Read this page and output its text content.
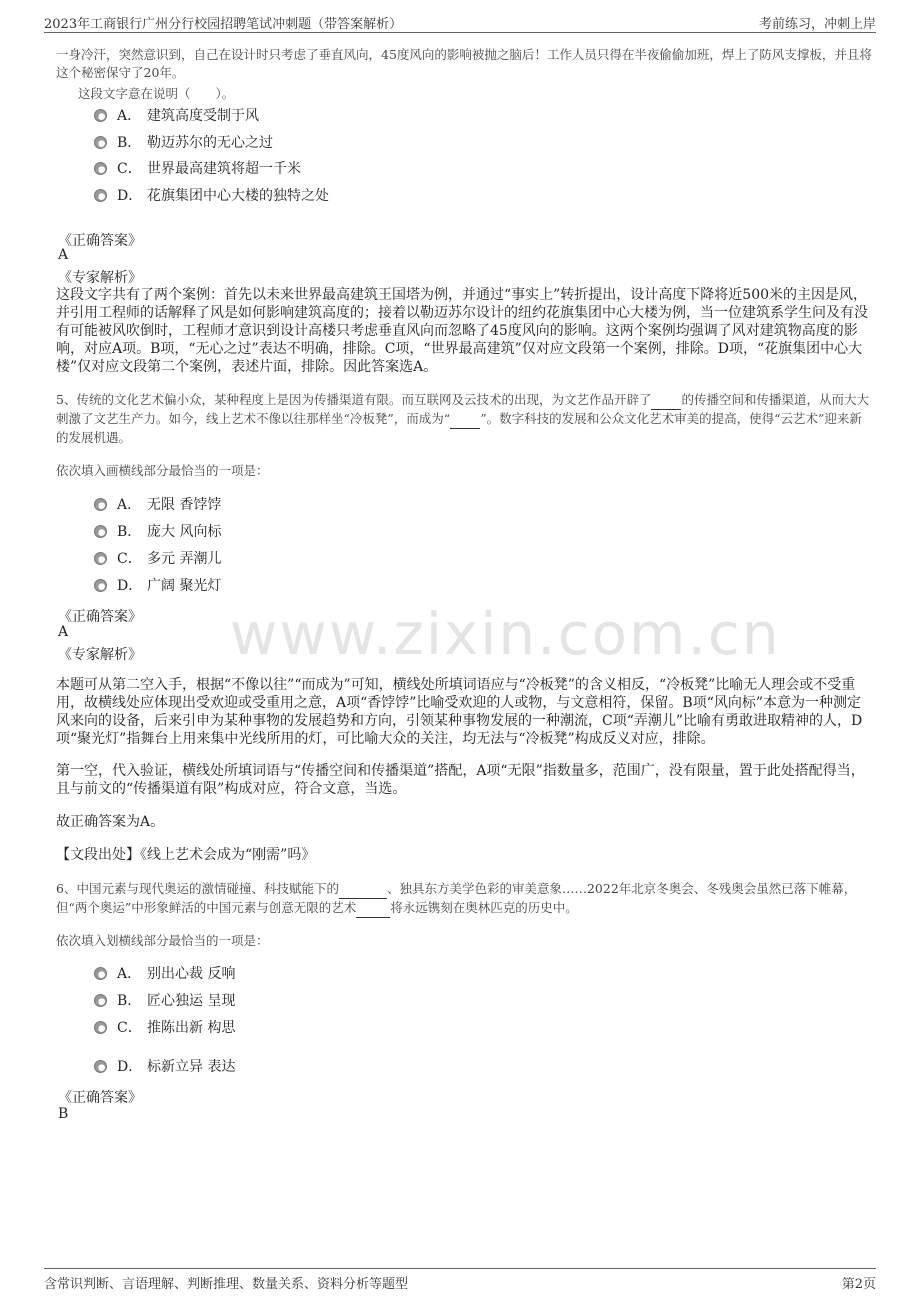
2023年工商银行广州分行校园招聘笔试冲刺题（带答案解析）	考前练习，冲刺上岸
www.zixin.com.cn
一身冷汗，突然意识到，自己在设计时只考虑了垂直风向，45度风向的影响被抛之脑后！工作人员只得在半夜偷偷加班，焊上了防风支撑板，并且将这个秘密保守了20年。
这段文字意在说明（　　）。
A． 建筑高度受制于风
B． 勒迈苏尔的无心之过
C． 世界最高建筑将超一千米
D． 花旗集团中心大楼的独特之处
《正确答案》
A
《专家解析》
这段文字共有了两个案例：首先以未来世界最高建筑王国塔为例，并通过“事实上”转折提出，设计高度下降将近500米的主因是风，并引用工程师的话解释了风是如何影响建筑高度的；接着以勒迈苏尔设计的纽约花旗集团中心大楼为例，当一位建筑系学生问及有没有可能被风吹倒时，工程师才意识到设计高楼只考虑垂直风向而忽略了45度风向的影响。这两个案例均强调了风对建筑物高度的影响，对应A项。B项，“无心之过”表达不明确，排除。C项，“世界最高建筑”仅对应文段第一个案例，排除。D项，“花旗集团中心大楼”仅对应文段第二个案例，表述片面，排除。因此答案选A。
5、传统的文化艺术偏小众，某种程度上是因为传播渠道有限。而互联网及云技术的出现，为文艺作品开辟了 的传播空间和传播渠道，从而大大刺激了文艺生产力。如今，线上艺术不像以往那样坐“冷板凳”，而成为“ ”。数字科技的发展和公众文化艺术审美的提高，使得“云艺术”迎来新的发展机遇。
依次填入画横线部分最恰当的一项是：
A． 无限 香饽饽
B． 庞大 风向标
C． 多元 弄潮儿
D． 广阔 聚光灯
《正确答案》
A
《专家解析》
本题可从第二空入手，根据“不像以往”“而成为”可知，横线处所填词语应与“冷板凳”的含义相反，“冷板凳”比喻无人理会或不受重用，故横线处应体现出受欢迎或受重用之意，A项“香饽饽”比喻受欢迎的人或物，与文意相符，保留。B项“风向标”本意为一种测定风来向的设备，后来引申为某种事物的发展趋势和方向，引领某种事物发展的一种潮流，C项“弄潮儿”比喻有勇敢进取精神的人，D项“聚光灯”指舞台上用来集中光线所用的灯，可比喻大众的关注，均无法与“冷板凳”构成反义对应，排除。
第一空，代入验证，横线处所填词语与“传播空间和传播渠道”搭配，A项“无限”指数量多，范围广，没有限量，置于此处搭配得当，且与前文的“传播渠道有限”构成对应，符合文意，当选。
故正确答案为A。
【文段出处】《线上艺术会成为“刚需”吗》
6、中国元素与现代奥运的激情碰撞、科技赋能下的	、独具东方美学色彩的审美意象……2022年北京冬奥会、冬残奥会虽然已落下帷幕，但“两个奥运”中形象鲜活的中国元素与创意无限的艺术	将永远镌刻在奥林匹克的历史中。
依次填入划横线部分最恰当的一项是：
A． 别出心裁 反响
B． 匠心独运 呈现
C． 推陈出新 构思
D． 标新立异 表达
《正确答案》
B
含常识判断、言语理解、判断推理、数量关系、资料分析等题型	第2页
